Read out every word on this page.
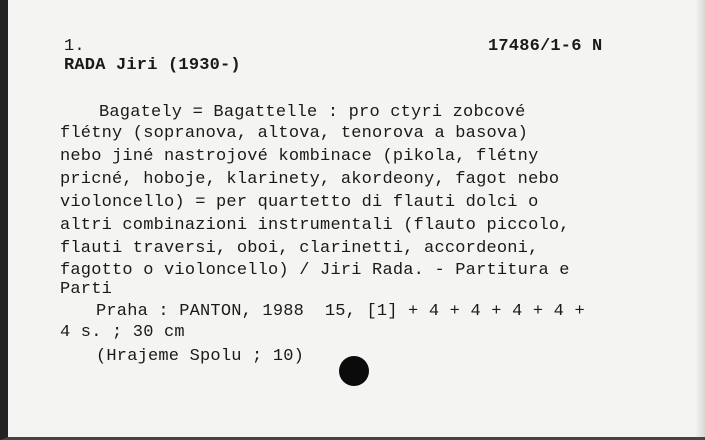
1.	17486/1-6 N
RADA Jiri (1930-)
Bagately = Bagattelle : pro ctyri zobcové
flétny (sopranova, altova, tenorova a basova)
nebo jiné nastrojové kombinace (pikola, flétny
pricné, hoboje, klarinety, akordeony, fagot nebo
violoncello) = per quartetto di flauti dolci o
altri combinazioni instrumentali (flauto piccolo,
flauti traversi, oboi, clarinetti, accordeoni,
fagotto o violoncello) / Jiri Rada. - Partitura e
Parti
Praha : PANTON, 1988  15, [1] + 4 + 4 + 4 + 4 +
4 s. ; 30 cm
(Hrajeme Spolu ; 10)
